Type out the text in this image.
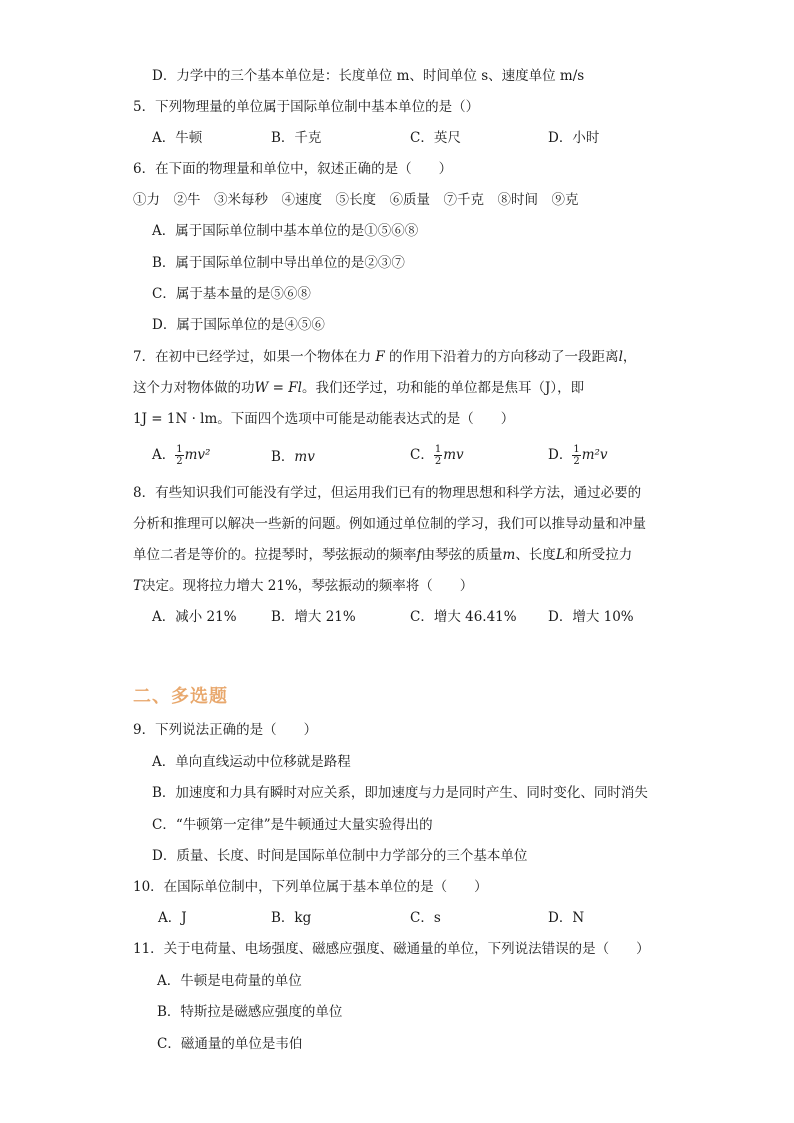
D．力学中的三个基本单位是：长度单位 m、时间单位 s、速度单位 m/s
5．下列物理量的单位属于国际单位制中基本单位的是（）
A．牛顿	B．千克	C．英尺	D．小时
6．在下面的物理量和单位中，叙述正确的是（　　）
①力　②牛　③米每秒　④速度　⑤长度　⑥质量　⑦千克　⑧时间　⑨克
A．属于国际单位制中基本单位的是①⑤⑥⑧
B．属于国际单位制中导出单位的是②③⑦
C．属于基本量的是⑤⑥⑧
D．属于国际单位的是④⑤⑥
7．在初中已经学过，如果一个物体在力 F 的作用下沿着力的方向移动了一段距离l，
这个力对物体做的功W = Fl。我们还学过，功和能的单位都是焦耳（J），即
1J = 1N · lm。下面四个选项中可能是动能表达式的是（　　）
A． $\frac{1}{2} mv^2$	B．mv	C． $\frac{1}{2}$ mv	D． $\frac{1}{2} m^2v$
8．有些知识我们可能没有学过，但运用我们已有的物理思想和科学方法，通过必要的
分析和推理可以解决一些新的问题。例如通过单位制的学习，我们可以推导动量和冲量
单位二者是等价的。拉提琴时，琴弦振动的频率f由琴弦的质量m、长度L和所受拉力
T决定。现将拉力增大 21%，琴弦振动的频率将（　　）
A．减小 21%	B．增大 21%	C．增大 46.41% D．增大 10%
二、多选题
9．下列说法正确的是（　　）
A．单向直线运动中位移就是路程
B．加速度和力具有瞬时对应关系，即加速度与力是同时产生、同时变化、同时消失
C．“牛顿第一定律”是牛顿通过大量实验得出的
D．质量、长度、时间是国际单位制中力学部分的三个基本单位
10．在国际单位制中，下列单位属于基本单位的是（　　）
A．J	B．kg	C．s	D．N
11．关于电荷量、电场强度、磁感应强度、磁通量的单位，下列说法错误的是（　　）
A．牛顿是电荷量的单位
B．特斯拉是磁感应强度的单位
C．磁通量的单位是韦伯
